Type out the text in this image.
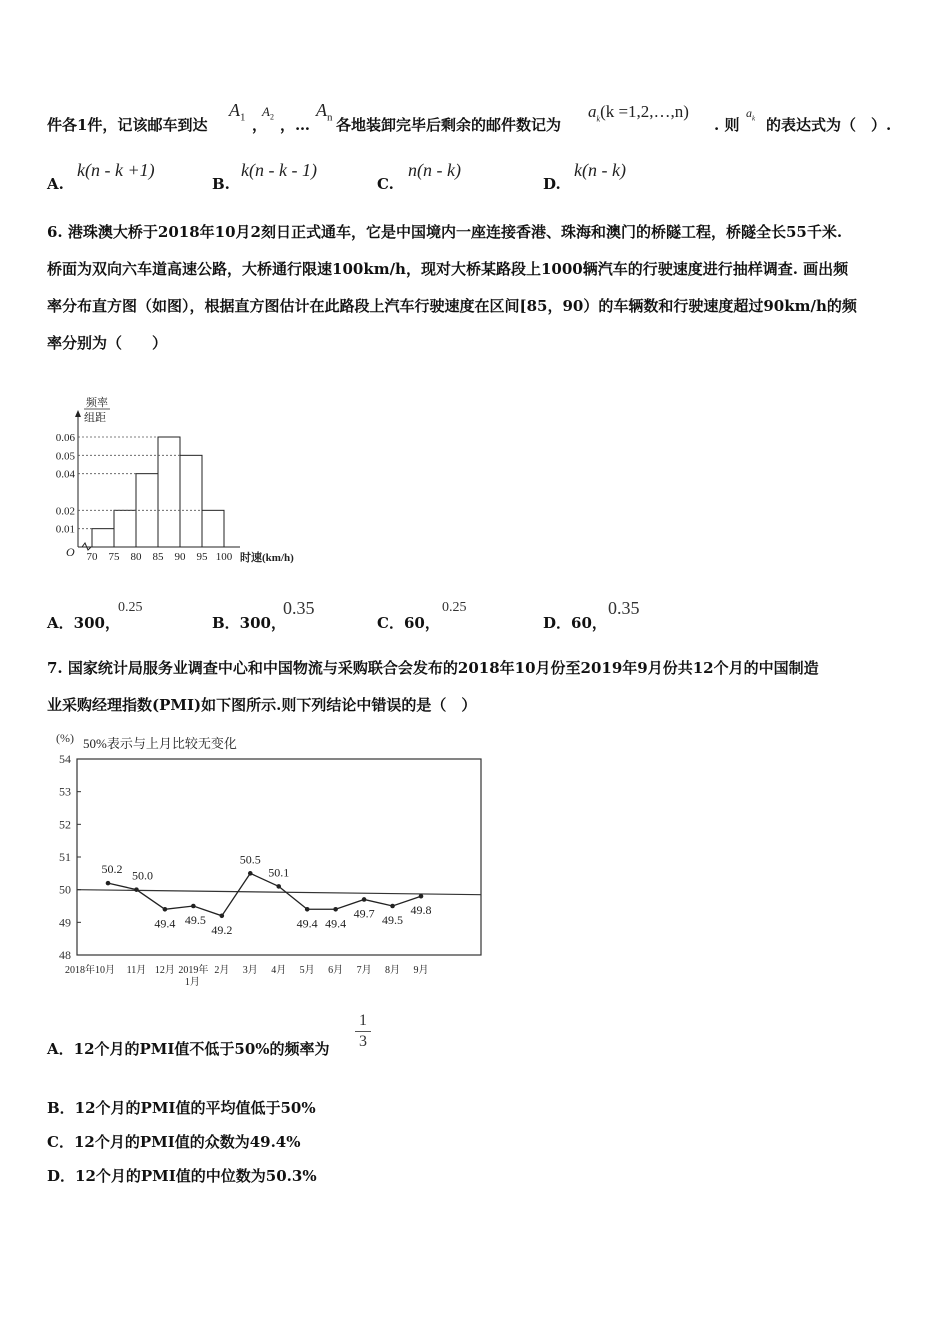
件各1件，记该邮车到达
$A_1$ ，
$A_2$ ，…
$A_n$ 各地装卸完毕后剩余的邮件数记为
$a_k(k$ =1,2,…,n)
. 则
$a_k$ 的表达式为（　）.
A.
k(n - k +1)
B.
k(n - k - 1)
C.
n(n - k)
D.
k(n - k)
6. 港珠澳大桥于2018年10月2刻日正式通车，它是中国境内一座连接香港、珠海和澳门的桥隧工程，桥隧全长55千米.
桥面为双向六车道高速公路，大桥通行限速100km/h，现对大桥某路段上1000辆汽车的行驶速度进行抽样调查. 画出频
率分布直方图（如图），根据直方图估计在此路段上汽车行驶速度在区间[85，90）的车辆数和行驶速度超过90km/h的频
率分别为（　　）
频率
组距
O
0.06
0.05
0.04
0.02
0.01
70 75 80 85 90 95 100 时速(km/h)
A．300，
0.25
B．300，
0.35
C．60，
0.25
D．60，
0.35
7. 国家统计局服务业调查中心和中国物流与采购联合会发布的2018年10月份至2019年9月份共12个月的中国制造
业采购经理指数(PMI)如下图所示.则下列结论中错误的是（　）
(%) 50%表示与上月比较无变化
54
53
52
51
50
49
48
50.2 50.0
49.4 49.5
49.2
50.5
50.1
49.4 49.4
49.7 49.5
49.8
2018年10月 11月 12月 2019年 2月 3月 4月 5月 6月 7月 8月 9月
1月
A．12个月的PMI值不低于50%的频率为
1
3
B．12个月的PMI值的平均值低于50%
C．12个月的PMI值的众数为49.4%
D．12个月的PMI值的中位数为50.3%
